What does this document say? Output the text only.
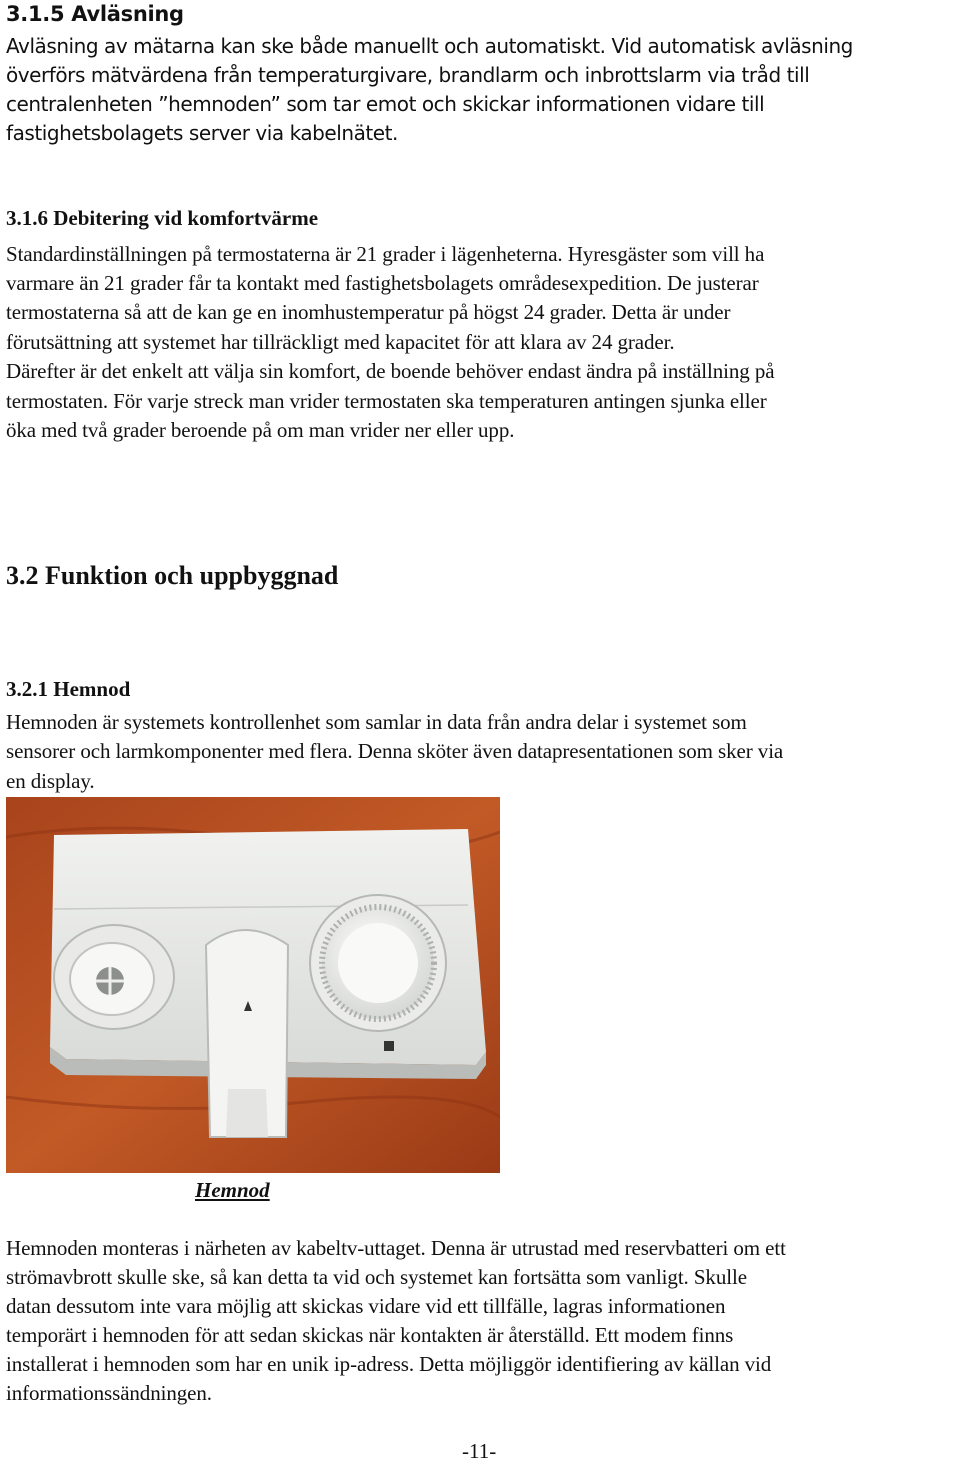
3.1.5 Avläsning
Avläsning av mätarna kan ske både manuellt och automatiskt. Vid automatisk avläsning
överförs mätvärdena från temperaturgivare, brandlarm och inbrottslarm via tråd till
centralenheten ”hemnoden” som tar emot och skickar informationen vidare till
fastighetsbolagets server via kabelnätet.
3.1.6 Debitering vid komfortvärme
Standardinställningen på termostaterna är 21 grader i lägenheterna. Hyresgäster som vill ha
varmare än 21 grader får ta kontakt med fastighetsbolagets områdesexpedition. De justerar
termostaterna så att de kan ge en inomhustemperatur på högst 24 grader. Detta är under
förutsättning att systemet har tillräckligt med kapacitet för att klara av 24 grader.
Därefter är det enkelt att välja sin komfort, de boende behöver endast ändra på inställning på
termostaten. För varje streck man vrider termostaten ska temperaturen antingen sjunka eller
öka med två grader beroende på om man vrider ner eller upp.
3.2 Funktion och uppbyggnad
3.2.1 Hemnod
Hemnoden är systemets kontrollenhet som samlar in data från andra delar i systemet som
sensorer och larmkomponenter med flera. Denna sköter även datapresentationen som sker via
en display.
Hemnod
Hemnoden monteras i närheten av kabeltv-uttaget. Denna är utrustad med reservbatteri om ett
strömavbrott skulle ske, så kan detta ta vid och systemet kan fortsätta som vanligt. Skulle
datan dessutom inte vara möjlig att skickas vidare vid ett tillfälle, lagras informationen
temporärt i hemnoden för att sedan skickas när kontakten är återställd. Ett modem finns
installerat i hemnoden som har en unik ip-adress. Detta möjliggör identifiering av källan vid
informationssändningen.
-11-
